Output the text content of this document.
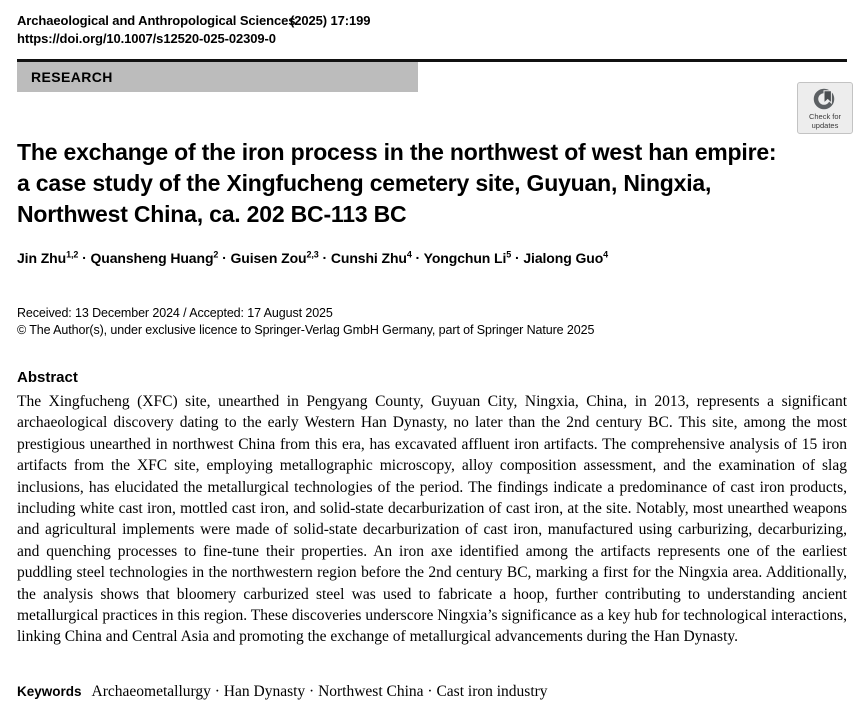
Archaeological and Anthropological Sciences
(2025) 17:199
https://doi.org/10.1007/s12520-025-02309-0
RESEARCH
Check for
updates
The exchange of the iron process in the northwest of west han empire:
a case study of the Xingfucheng cemetery site, Guyuan, Ningxia,
Northwest China, ca. 202 BC-113 BC
Jin Zhu$^{1,2}$ · Quansheng Huang$^2$ · Guisen Zou$^{2,3}$ · Cunshi Zhu$^4$ · Yongchun $Li^5$ · Jialong Guo$^4$
Received: 13 December 2024 / Accepted: 17 August 2025
© The Author(s), under exclusive licence to Springer-Verlag GmbH Germany, part of Springer Nature 2025
Abstract
The Xingfucheng (XFC) site, unearthed in Pengyang County, Guyuan City, Ningxia, China, in 2013, represents a significant archaeological discovery dating to the early Western Han Dynasty, no later than the 2nd century BC. This site, among the most prestigious unearthed in northwest China from this era, has excavated affluent iron artifacts. The comprehensive analysis of 15 iron artifacts from the XFC site, employing metallographic microscopy, alloy composition assessment, and the examination of slag inclusions, has elucidated the metallurgical technologies of the period. The findings indicate a predominance of cast iron products, including white cast iron, mottled cast iron, and solid-state decarburization of cast iron, at the site. Notably, most unearthed weapons and agricultural implements were made of solid-state decarburization of cast iron, manufactured using carburizing, decarburizing, and quenching processes to fine-tune their properties. An iron axe identified among the artifacts represents one of the earliest puddling steel technologies in the northwestern region before the 2nd century BC, marking a first for the Ningxia area. Additionally, the analysis shows that bloomery carburized steel was used to fabricate a hoop, further contributing to understanding ancient metallurgical practices in this region. These discoveries underscore Ningxia’s significance as a key hub for technological interactions, linking China and Central Asia and promoting the exchange of metallurgical advancements during the Han Dynasty.
Keywords Archaeometallurgy · Han Dynasty · Northwest China · Cast iron industry
